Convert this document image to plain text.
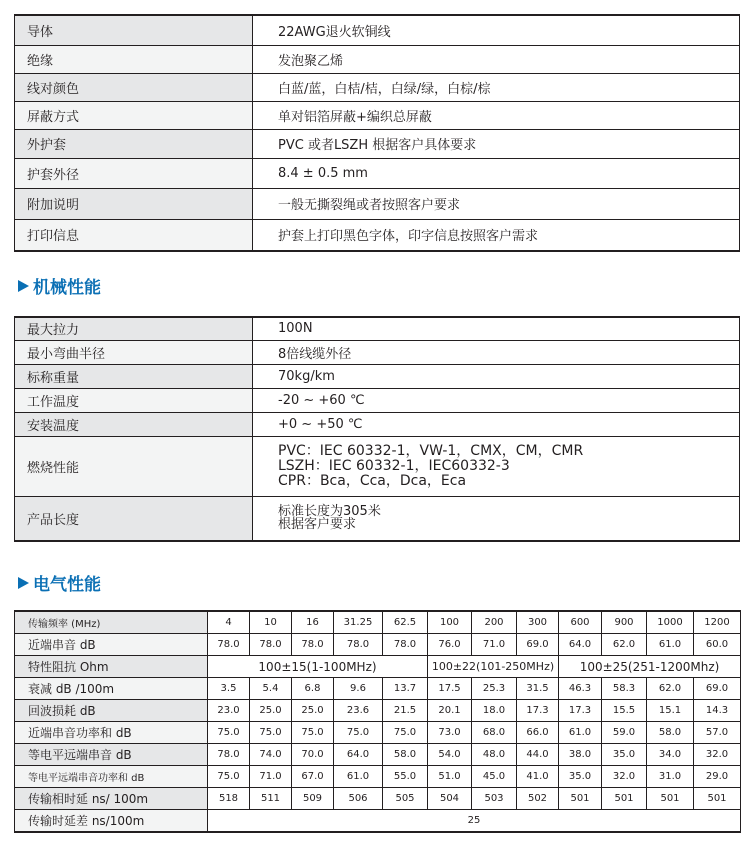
导体	22AWG退火软铜线
绝缘	发泡聚乙烯
线对颜色	白蓝/蓝，白桔/桔，白绿/绿，白棕/棕
屏蔽方式	单对铝箔屏蔽+编织总屏蔽
外护套	PVC 或者LSZH 根据客户具体要求
护套外径	8.4 ± 0.5 mm
附加说明	一般无撕裂绳或者按照客户要求
打印信息	护套上打印黑色字体，印字信息按照客户需求
机械性能
最大拉力	100N
最小弯曲半径	8倍线缆外径
标称重量	70kg/km
工作温度	-20 ~ +60 ℃
安装温度	+0 ~ +50 ℃
燃烧性能	PVC：IEC 60332-1，VW-1，CMX，CM，CMR
LSZH：IEC 60332-1，IEC60332-3
CPR：Bca，Cca，Dca，Eca

产品长度	标准长度为305米
根据客户要求
电气性能
传输频率 (MHz)	4	10	16	31.25	62.5	100	200	300	600	900	1000	1200
近端串音 dB	78.0	78.0	78.0	78.0	78.0	76.0	71.0	69.0	64.0	62.0	61.0	60.0
特性阻抗 Ohm	100±15(1-100MHz)					100±22(101-250MHz)			100±25(251-1200Mhz)			
衰减 dB /100m	3.5	5.4	6.8	9.6	13.7	17.5	25.3	31.5	46.3	58.3	62.0	69.0
回波损耗 dB	23.0	25.0	25.0	23.6	21.5	20.1	18.0	17.3	17.3	15.5	15.1	14.3
近端串音功率和 dB	75.0	75.0	75.0	75.0	75.0	73.0	68.0	66.0	61.0	59.0	58.0	57.0
等电平远端串音 dB	78.0	74.0	70.0	64.0	58.0	54.0	48.0	44.0	38.0	35.0	34.0	32.0
等电平远端串音功率和 dB	75.0	71.0	67.0	61.0	55.0	51.0	45.0	41.0	35.0	32.0	31.0	29.0
传输相时延 ns/ 100m	518	511	509	506	505	504	503	502	501	501	501	501
传输时延差 ns/100m	25											
